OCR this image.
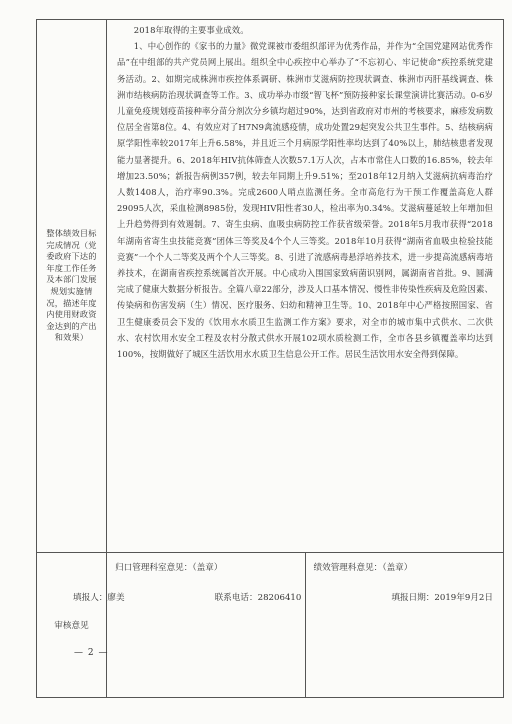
整体绩效目标完成情况（党委政府下达的年度工作任务及本部门发展规划实施情况，描述年度内使用财政资金达到的产出和效果）	2018年取得的主要事业成效。

1、中心创作的《家书的力量》微党课被市委组织部评为优秀作品，并作为“全国党建网站优秀作品”在中组部的共产党员网上展出。组织全中心疾控中心举办了“不忘初心、牢记使命”疾控系统党建务活动。2、如期完成株洲市疾控体系调研、株洲市艾滋病防控现状调查、株洲市丙肝基线调查、株洲市结核病防治现状调查等工作。3、成功举办市级“智飞杯”预防接种家长课堂演讲比赛活动。0-6岁儿童免疫规划疫苗接种率分苗分剂次分乡镇均超过90%，达到省政府对市州的考核要求，麻疹发病数位居全省第8位。4、有效应对了H7N9禽流感疫情，成功处置29起突发公共卫生事件。5、结核病病原学阳性率较2017年上升6.58%，并且近三个月病原学阳性率均达到了40%以上，肺结核患者发现能力显著提升。6、2018年HIV抗体筛查人次数57.1万人次，占本市常住人口数的16.85%，较去年增加23.50%；新报告病例357例，较去年同期上升9.51%；至2018年12月纳入艾滋病抗病毒治疗人数1408人，治疗率90.3%。完成2600人哨点监测任务。全市高危行为干预工作覆盖高危人群29095人次，采血检测8985份，发现HIV阳性者30人，检出率为0.34%。艾滋病蔓延较上年增加但上升趋势得到有效遏制。7、寄生虫病、血吸虫病防控工作获省级荣誉。2018年5月我市获得“2018年湖南省寄生虫技能竞赛”团体三等奖及4个个人三等奖。2018年10月获得“湖南省血吸虫检验技能竞赛”一个个人二等奖及两个个人三等奖。8、引进了流感病毒悬浮培养技术，进一步提高流感病毒培养技术，在湖南省疾控系统属首次开展。中心成功入围国家致病菌识别网，属湖南省首批。9、圆满完成了健康大数据分析报告。全篇八章22部分，涉及人口基本情况、慢性非传染性疾病及危险因素、传染病和伤害发病（生）情况、医疗服务、妇幼和精神卫生等。10、2018年中心严格按照国家、省卫生健康委员会下发的《饮用水水质卫生监测工作方案》要求，对全市的城市集中式供水、二次供水、农村饮用水安全工程及农村分散式供水开展102项水质检测工作，全市各县乡镇覆盖率均达到100%，按期做好了城区生活饮用水水质卫生信息公开工作。居民生活饮用水安全得到保障。

审核意见	归口管理科室意见：（盖章） 绩效管理科意见：（盖章）
填报人：廖美	联系电话：28206410	填报日期：2019年9月2日
— 2 —
